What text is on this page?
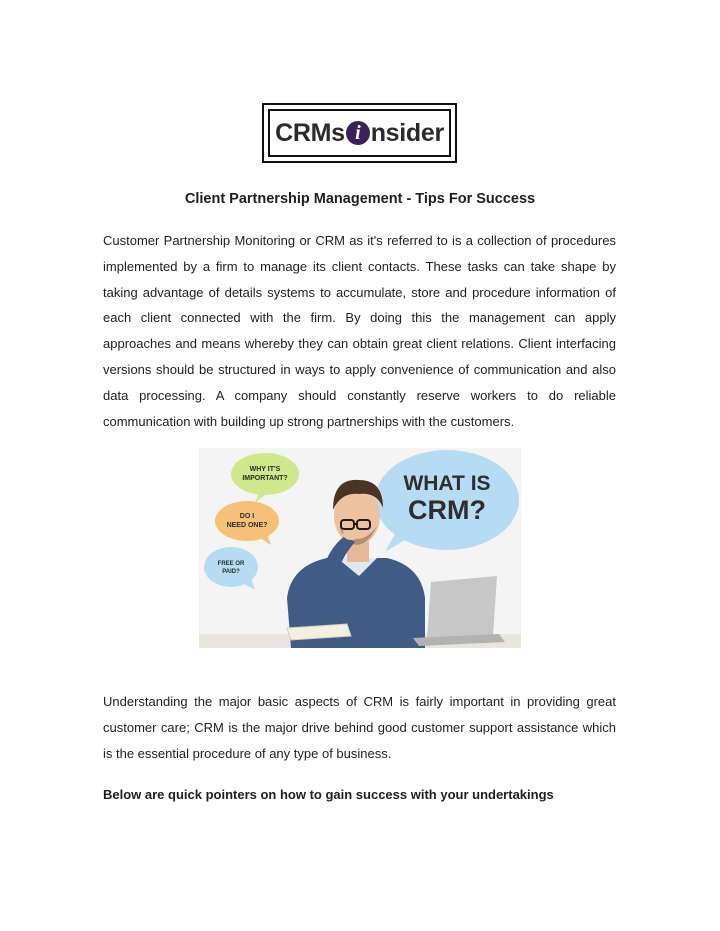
CRMs i nsider
Client Partnership Management - Tips For Success

Customer Partnership Monitoring or CRM as it's referred to is a collection of procedures implemented by a firm to manage its client contacts. These tasks can take shape by taking advantage of details systems to accumulate, store and procedure information of each client connected with the firm. By doing this the management can apply approaches and means whereby they can obtain great client relations. Client interfacing versions should be structured in ways to apply convenience of communication and also data processing. A company should constantly reserve workers to do reliable communication with building up strong partnerships with the customers.

WHY IT'S
IMPORTANT?
DO I
NEED ONE?
FREE OR
PAID?
WHAT IS
CRM?

Understanding the major basic aspects of CRM is fairly important in providing great customer care; CRM is the major drive behind good customer support assistance which is the essential procedure of any type of business.

Below are quick pointers on how to gain success with your undertakings
